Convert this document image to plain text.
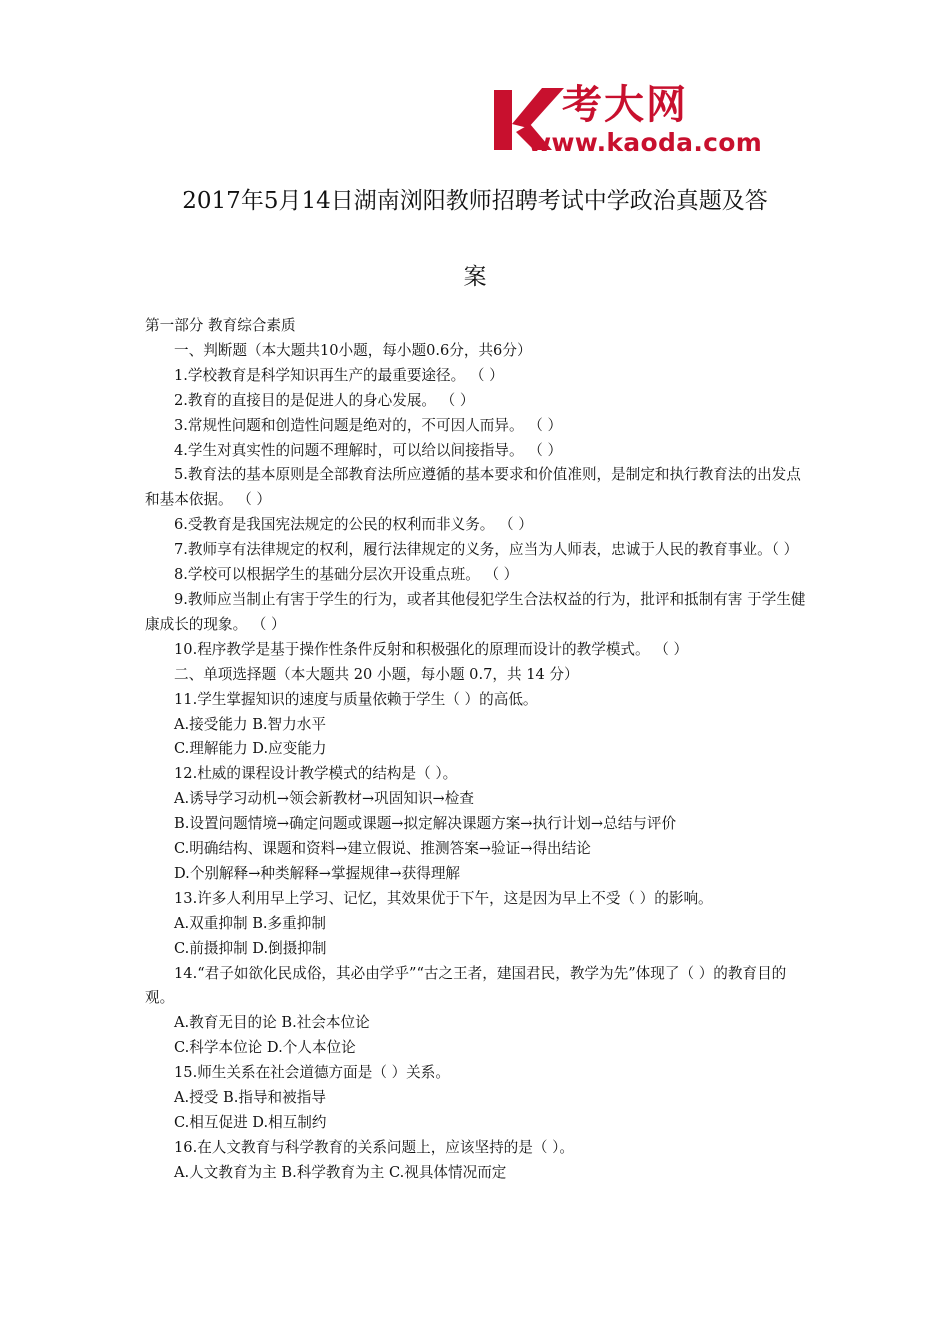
考大网
www.kaoda.com
2017年5月14日湖南浏阳教师招聘考试中学政治真题及答
案

第一部分 教育综合素质

一、判断题（本大题共10小题，每小题0.6分，共6分）

1.学校教育是科学知识再生产的最重要途径。 （ ）

2.教育的直接目的是促进人的身心发展。 （ ）

3.常规性问题和创造性问题是绝对的，不可因人而异。 （ ）

4.学生对真实性的问题不理解时，可以给以间接指导。 （ ）

5.教育法的基本原则是全部教育法所应遵循的基本要求和价值准则，是制定和执行教育法的出发点和基本依据。 （ ）

6.受教育是我国宪法规定的公民的权利而非义务。 （ ）

7.教师享有法律规定的权利，履行法律规定的义务，应当为人师表，忠诚于人民的教育事业。（ ）

8.学校可以根据学生的基础分层次开设重点班。 （ ）

9.教师应当制止有害于学生的行为，或者其他侵犯学生合法权益的行为，批评和抵制有害 于学生健康成长的现象。 （ ）

10.程序教学是基于操作性条件反射和积极强化的原理而设计的教学模式。 （ ）

二、单项选择题（本大题共 20 小题，每小题 0.7，共 14 分）

11.学生掌握知识的速度与质量依赖于学生（ ）的高低。

A.接受能力 B.智力水平

C.理解能力 D.应变能力

12.杜威的课程设计教学模式的结构是（ ）。

A.诱导学习动机→领会新教材→巩固知识→检查

B.设置问题情境→确定问题或课题→拟定解决课题方案→执行计划→总结与评价

C.明确结构、课题和资料→建立假说、推测答案→验证→得出结论

D.个别解释→种类解释→掌握规律→获得理解

13.许多人利用早上学习、记忆，其效果优于下午，这是因为早上不受（ ）的影响。

A.双重抑制 B.多重抑制

C.前摄抑制 D.倒摄抑制

14.“君子如欲化民成俗，其必由学乎”“古之王者，建国君民，教学为先”体现了（ ）的教育目的观。

A.教育无目的论 B.社会本位论

C.科学本位论 D.个人本位论

15.师生关系在社会道德方面是（ ）关系。

A.授受 B.指导和被指导

C.相互促进 D.相互制约

16.在人文教育与科学教育的关系问题上，应该坚持的是（ ）。

A.人文教育为主 B.科学教育为主 C.视具体情况而定
